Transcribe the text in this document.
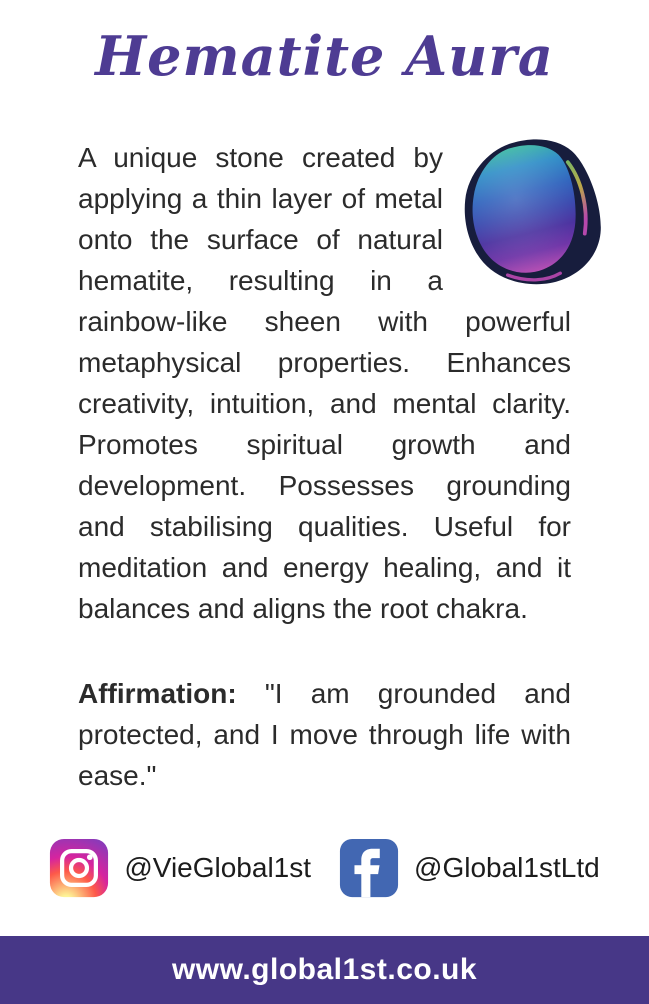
Hematite Aura

A unique stone created by applying a thin layer of metal onto the surface of natural hematite, resulting in a rainbow-like sheen with powerful metaphysical properties. Enhances creativity, intuition, and mental clarity. Promotes spiritual growth and development. Possesses grounding and stabilising qualities. Useful for meditation and energy healing, and it balances and aligns the root chakra.

Affirmation: "I am grounded and protected, and I move through life with ease."

@VieGlobal1st	@Global1stLtd
www.global1st.co.uk
